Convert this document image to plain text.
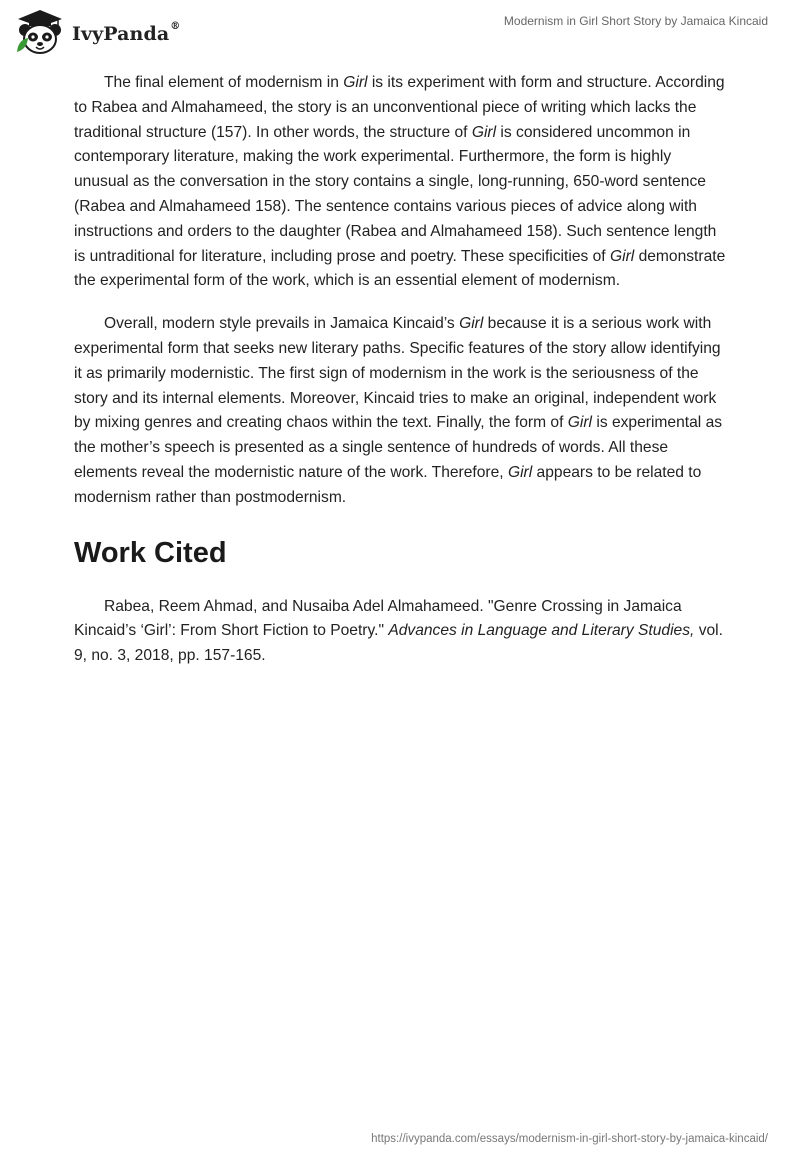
IvyPanda®	Modernism in Girl Short Story by Jamaica Kincaid

The final element of modernism in Girl is its experiment with form and structure. According to Rabea and Almahameed, the story is an unconventional piece of writing which lacks the traditional structure (157). In other words, the structure of Girl is considered uncommon in contemporary literature, making the work experimental. Furthermore, the form is highly unusual as the conversation in the story contains a single, long-running, 650-word sentence (Rabea and Almahameed 158). The sentence contains various pieces of advice along with instructions and orders to the daughter (Rabea and Almahameed 158). Such sentence length is untraditional for literature, including prose and poetry. These specificities of Girl demonstrate the experimental form of the work, which is an essential element of modernism.

Overall, modern style prevails in Jamaica Kincaid’s Girl because it is a serious work with experimental form that seeks new literary paths. Specific features of the story allow identifying it as primarily modernistic. The first sign of modernism in the work is the seriousness of the story and its internal elements. Moreover, Kincaid tries to make an original, independent work by mixing genres and creating chaos within the text. Finally, the form of Girl is experimental as the mother’s speech is presented as a single sentence of hundreds of words. All these elements reveal the modernistic nature of the work. Therefore, Girl appears to be related to modernism rather than postmodernism.

Work Cited

Rabea, Reem Ahmad, and Nusaiba Adel Almahameed. "Genre Crossing in Jamaica Kincaid’s ‘Girl’: From Short Fiction to Poetry." Advances in Language and Literary Studies, vol. 9, no. 3, 2018, pp. 157-165.

https://ivypanda.com/essays/modernism-in-girl-short-story-by-jamaica-kincaid/
